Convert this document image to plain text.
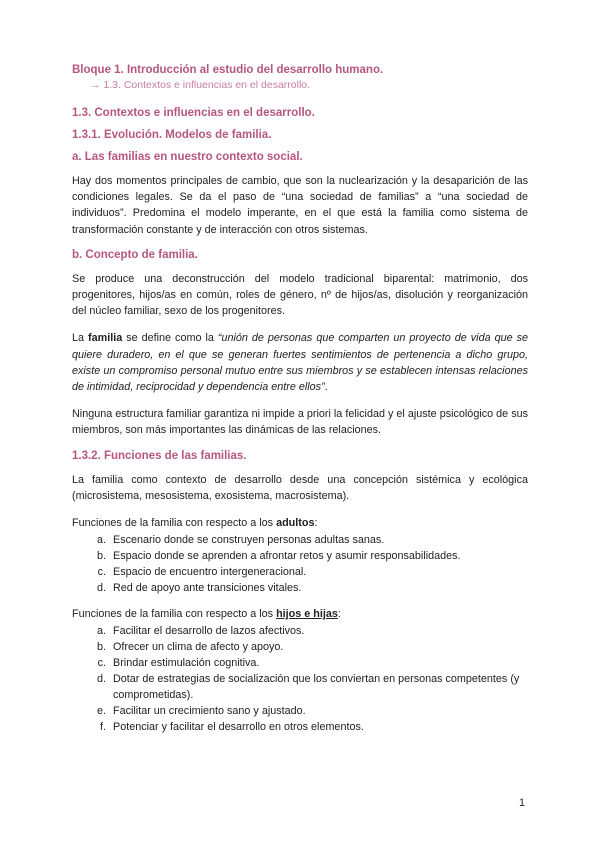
Bloque 1. Introducción al estudio del desarrollo humano.
→ 1.3. Contextos e influencias en el desarrollo.
1.3. Contextos e influencias en el desarrollo.
1.3.1. Evolución. Modelos de familia.
a. Las familias en nuestro contexto social.

Hay dos momentos principales de cambio, que son la nuclearización y la desaparición de las condiciones legales. Se da el paso de “una sociedad de familias” a “una sociedad de individuos”. Predomina el modelo imperante, en el que está la familia como sistema de transformación constante y de interacción con otros sistemas.

b. Concepto de familia.

Se produce una deconstrucción del modelo tradicional biparental: matrimonio, dos progenitores, hijos/as en común, roles de género, nº de hijos/as, disolución y reorganización del núcleo familiar, sexo de los progenitores.

La familia se define como la “unión de personas que comparten un proyecto de vida que se quiere duradero, en el que se generan fuertes sentimientos de pertenencia a dicho grupo, existe un compromiso personal mutuo entre sus miembros y se establecen intensas relaciones de intimidad, reciprocidad y dependencia entre ellos”.

Ninguna estructura familiar garantiza ni impide a priori la felicidad y el ajuste psicológico de sus miembros, son más importantes las dinámicas de las relaciones.

1.3.2. Funciones de las familias.

La familia como contexto de desarrollo desde una concepción sistémica y ecológica (microsistema, mesosistema, exosistema, macrosistema).

Funciones de la familia con respecto a los adultos:
a. Escenario donde se construyen personas adultas sanas.
b. Espacio donde se aprenden a afrontar retos y asumir responsabilidades.
c. Espacio de encuentro intergeneracional.
d. Red de apoyo ante transiciones vitales.
Funciones de la familia con respecto a los hijos e hijas:
a. Facilitar el desarrollo de lazos afectivos.
b. Ofrecer un clima de afecto y apoyo.
c. Brindar estimulación cognitiva.
d. Dotar de estrategias de socialización que los conviertan en personas competentes (y comprometidas).
e. Facilitar un crecimiento sano y ajustado.
f. Potenciar y facilitar el desarrollo en otros elementos.
1
